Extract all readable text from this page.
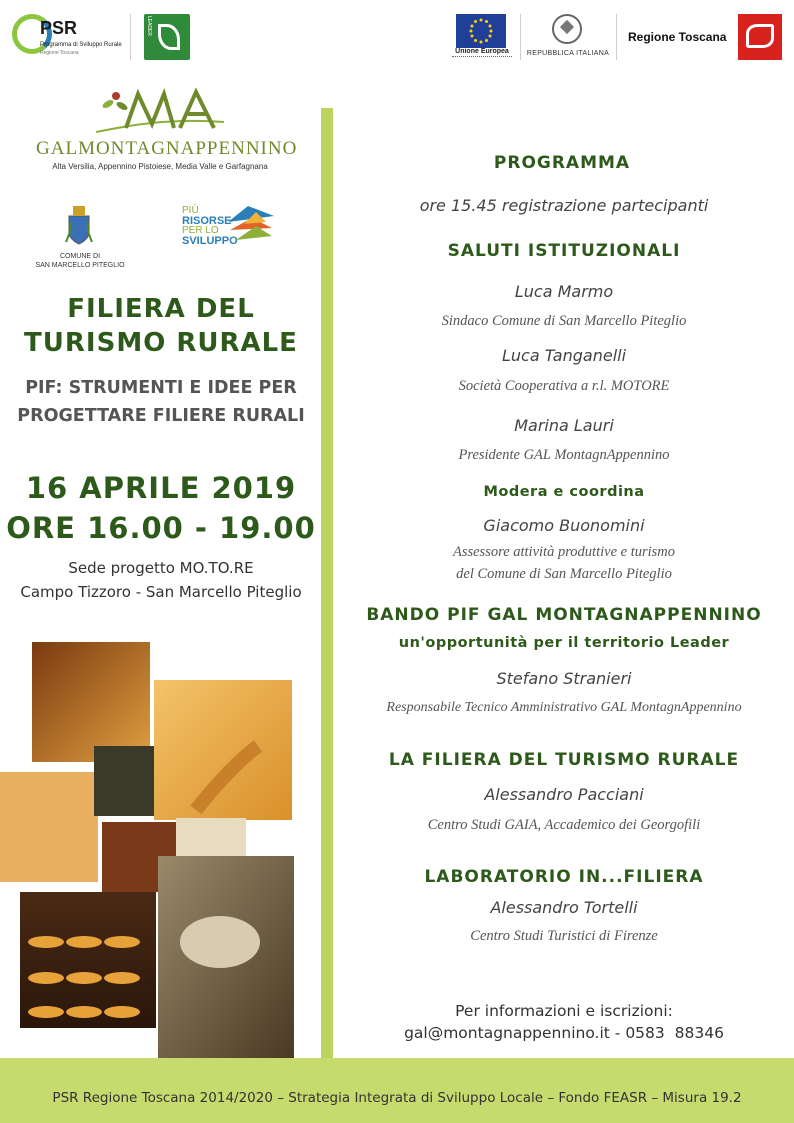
PSR
Programma di Sviluppo Rurale
Regione Toscana
LEADER
Unione Europea	REPUBBLICA ITALIANA
Regione Toscana
GALMONTAGNAPPENNINO
Alta Versilia, Appennino Pistoiese, Media Valle e Garfagnana
COMUNE DI
SAN MARCELLO PITEGLIO
PIÙ
RISORSE
PER LO
SVILUPPO
FILIERA DEL
TURISMO RURALE
PIF: STRUMENTI E IDEE PER
PROGETTARE FILIERE RURALI
16 APRILE 2019
ORE 16.00 - 19.00
Sede progetto MO.TO.RE
Campo Tizzoro - San Marcello Piteglio
PROGRAMMA
ore 15.45 registrazione partecipanti
SALUTI ISTITUZIONALI
Luca Marmo
Sindaco Comune di San Marcello Piteglio
Luca Tanganelli
Società Cooperativa a r.l. MOTORE
Marina Lauri
Presidente GAL MontagnAppennino
Modera e coordina
Giacomo Buonomini
Assessore attività produttive e turismo
del Comune di San Marcello Piteglio
BANDO PIF GAL MONTAGNAPPENNINO
un'opportunità per il territorio Leader
Stefano Stranieri
Responsabile Tecnico Amministrativo GAL MontagnAppennino
LA FILIERA DEL TURISMO RURALE
Alessandro Pacciani
Centro Studi GAIA, Accademico dei Georgofili
LABORATORIO IN...FILIERA
Alessandro Tortelli
Centro Studi Turistici di Firenze
Per informazioni e iscrizioni:
gal@montagnappennino.it - 0583  88346
PSR Regione Toscana 2014/2020 – Strategia Integrata di Sviluppo Locale – Fondo FEASR – Misura 19.2
